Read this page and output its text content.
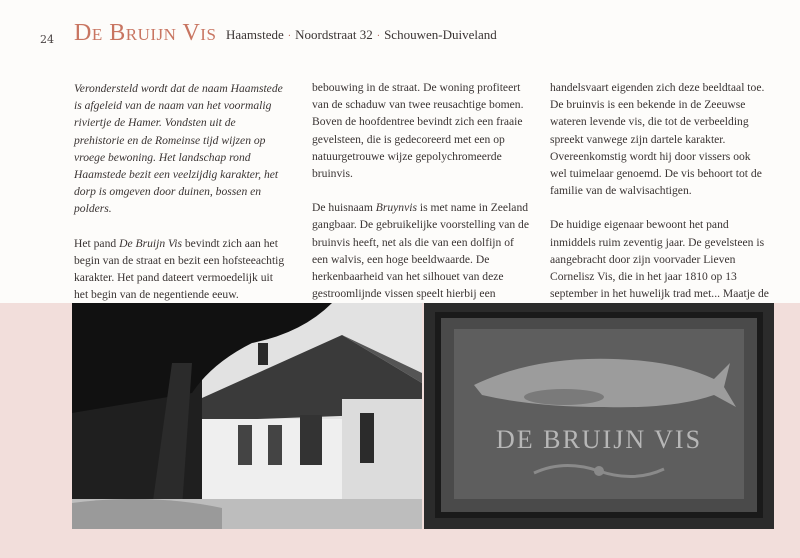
24 De Bruijn Vis Haamstede · Noordstraat 32 · Schouwen-Duiveland

Verondersteld wordt dat de naam Haamstede is afgeleid van de naam van het voormalig riviertje de Hamer. Vondsten uit de prehistorie en de Romeinse tijd wijzen op vroege bewoning. Het landschap rond Haamstede bezit een veelzijdig karakter, het dorp is omgeven door duinen, bossen en polders.

Het pand De Bruijn Vis bevindt zich aan het begin van de straat en bezit een hofsteeachtig karakter. Het pand dateert vermoedelijk uit het begin van de negentiende eeuw.

bebouwing in de straat. De woning profiteert van de schaduw van twee reusachtige bomen. Boven de hoofdentree bevindt zich een fraaie gevelsteen, die is gedecoreerd met een op natuurgetrouwe wijze gepolychromeerde bruinvis.

De huisnaam Bruynvis is met name in Zeeland gangbaar. De gebruikelijke voorstelling van de bruinvis heeft, net als die van een dolfijn of een walvis, een hoge beeldwaarde. De herkenbaarheid van het silhouet van deze gestroomlijnde vissen speelt hierbij een

handelsvaart eigenden zich deze beeldtaal toe. De bruinvis is een bekende in de Zeeuwse wateren levende vis, die tot de verbeelding spreekt vanwege zijn dartele karakter. Overeenkomstig wordt hij door vissers ook wel tuimelaar genoemd. De vis behoort tot de familie van de walvisachtigen.

De huidige eigenaar bewoont het pand inmiddels ruim zeventig jaar. De gevelsteen is aangebracht door zijn voorvader Lieven Cornelisz Vis, die in het jaar 1810 op 13 september in het huwelijk trad met... Maatje de

DE BRUIJN VIS
